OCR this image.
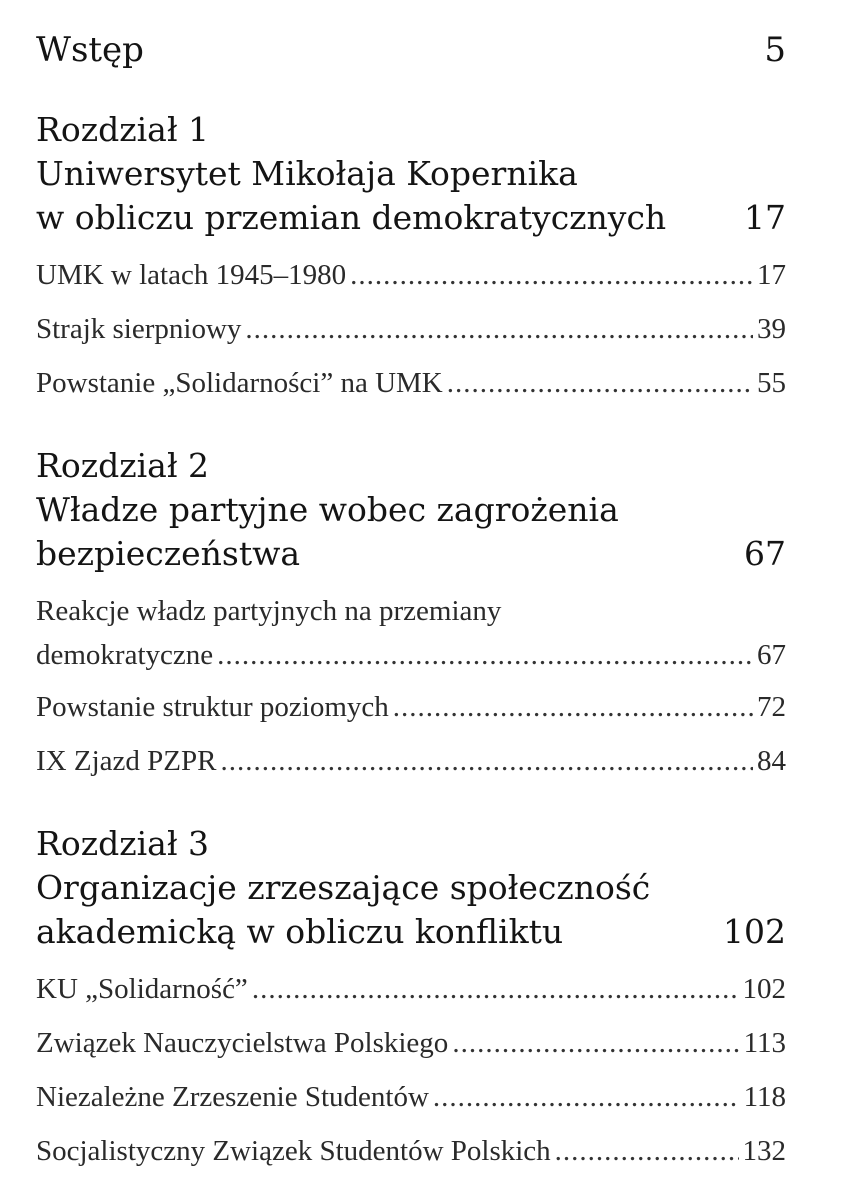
Wstęp	5
Rozdział 1
Uniwersytet Mikołaja Kopernika
w obliczu przemian demokratycznych 17
UMK w latach 1945–1980 .....	17
Strajk sierpniowy .....	39
Powstanie „Solidarności” na UMK .....	55
Rozdział 2
Władze partyjne wobec zagrożenia
bezpieczeństwa	67
Reakcje władz partyjnych na przemiany
demokratyczne .....	67
Powstanie struktur poziomych .....	72
IX Zjazd PZPR .....	84
Rozdział 3
Organizacje zrzeszające społeczność
akademicką w obliczu konfliktu	102
KU „Solidarność” .....	102
Związek Nauczycielstwa Polskiego .....	113
Niezależne Zrzeszenie Studentów .....	118
Socjalistyczny Związek Studentów Polskich .....	132
